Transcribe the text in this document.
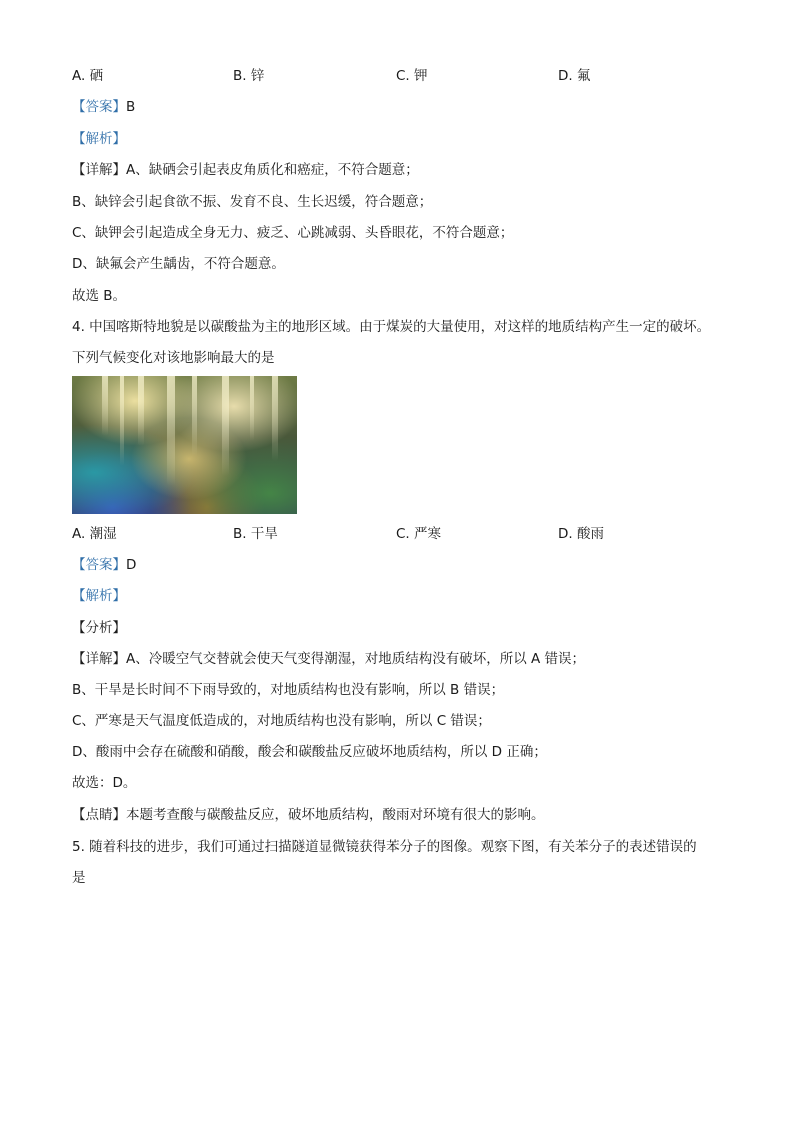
A. 硒	B. 锌	C. 钾	D. 氟
【答案】B
【解析】
【详解】A、缺硒会引起表皮角质化和癌症，不符合题意；
B、缺锌会引起食欲不振、发育不良、生长迟缓，符合题意；
C、缺钾会引起造成全身无力、疲乏、心跳减弱、头昏眼花，不符合题意；
D、缺氟会产生龋齿，不符合题意。
故选 B。
4. 中国喀斯特地貌是以碳酸盐为主的地形区域。由于煤炭的大量使用，对这样的地质结构产生一定的破坏。
下列气候变化对该地影响最大的是
A. 潮湿	B. 干旱	C. 严寒	D. 酸雨
【答案】D
【解析】
【分析】
【详解】A、冷暖空气交替就会使天气变得潮湿，对地质结构没有破坏，所以 A 错误；
B、干旱是长时间不下雨导致的，对地质结构也没有影响，所以 B 错误；
C、严寒是天气温度低造成的，对地质结构也没有影响，所以 C 错误；
D、酸雨中会存在硫酸和硝酸，酸会和碳酸盐反应破坏地质结构，所以 D 正确；
故选：D。
【点睛】本题考查酸与碳酸盐反应，破坏地质结构，酸雨对环境有很大的影响。
5. 随着科技的进步，我们可通过扫描隧道显微镜获得苯分子的图像。观察下图，有关苯分子的表述错误的
是
